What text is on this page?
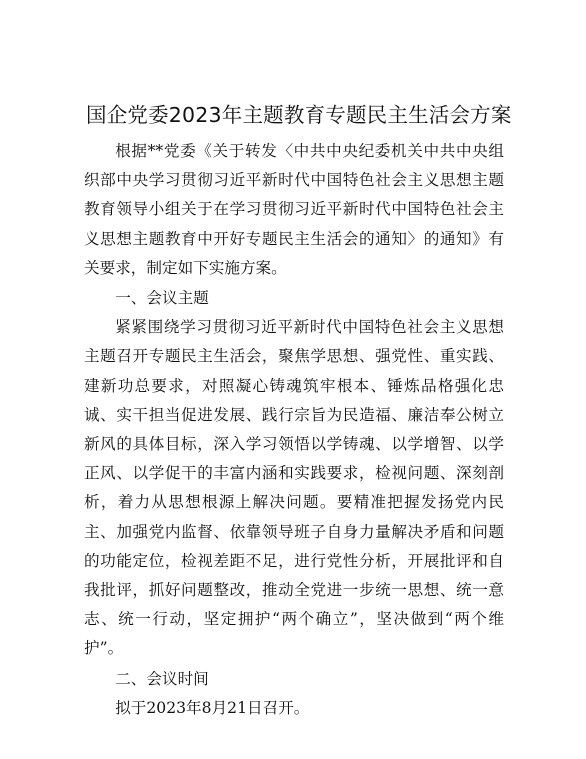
国企党委2023年主题教育专题民主生活会方案

根据**党委《关于转发〈中共中央纪委机关中共中央组织部中央学习贯彻习近平新时代中国特色社会主义思想主题教育领导小组关于在学习贯彻习近平新时代中国特色社会主义思想主题教育中开好专题民主生活会的通知〉的通知》有关要求，制定如下实施方案。

一、会议主题

紧紧围绕学习贯彻习近平新时代中国特色社会主义思想主题召开专题民主生活会，聚焦学思想、强党性、重实践、建新功总要求，对照凝心铸魂筑牢根本、锤炼品格强化忠诚、实干担当促进发展、践行宗旨为民造福、廉洁奉公树立新风的具体目标，深入学习领悟以学铸魂、以学增智、以学正风、以学促干的丰富内涵和实践要求，检视问题、深刻剖析，着力从思想根源上解决问题。要精准把握发扬党内民主、加强党内监督、依靠领导班子自身力量解决矛盾和问题的功能定位，检视差距不足，进行党性分析，开展批评和自我批评，抓好问题整改，推动全党进一步统一思想、统一意志、统一行动，坚定拥护“两个确立”，坚决做到“两个维护”。

二、会议时间

拟于2023年8月21日召开。
